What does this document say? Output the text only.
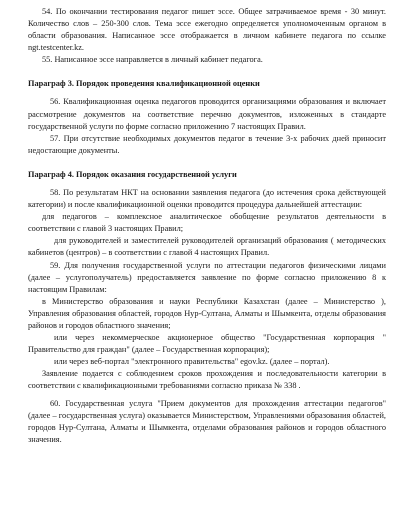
54. По окончании тестирования педагог пишет эссе. Общее затрачиваемое время - 30 минут. Количество слов – 250-300 слов. Тема эссе ежегодно определяется уполномоченным органом в области образования. Написанное эссе отображается в личном кабинете педагога по ссылке ngt.testcenter.kz.

55. Написанное эссе направляется в личный кабинет педагога.

Параграф 3. Порядок проведения квалификационной оценки

56. Квалификационная оценка педагогов проводится организациями образования и включает рассмотрение документов на соответствие перечню документов, изложенных в стандарте государственной услуги по форме согласно приложению 7 настоящих Правил.

57. При отсутствие необходимых документов педагог в течение 3-х рабочих дней приносит недостающие документы.

Параграф 4. Порядок оказания государственной услуги

58. По результатам НКТ на основании заявления педагога (до истечения срока действующей категории) и после квалификационной оценки проводится процедура дальнейшей аттестации:

для педагогов – комплексное аналитическое обобщение результатов деятельности в соответствии с главой 3 настоящих Правил;

для руководителей и заместителей руководителей организаций образования ( методических кабинетов (центров) – в соответствии с главой 4 настоящих Правил.

59. Для получения государственной услуги по аттестации педагогов физическими лицами (далее – услугополучатель) предоставляется заявление по форме согласно приложению 8 к настоящим Правилам:

в Министерство образования и науки Республики Казахстан (далее – Министерство ), Управления образования областей, городов Нур-Султана, Алматы и Шымкента, отделы образования районов и городов областного значения;

или через некоммерческое акционерное общество "Государственная корпорация " Правительство для граждан" (далее – Государственная корпорация);

или через веб-портал "электронного правительства" egov.kz. (далее – портал).

Заявление подается с соблюдением сроков прохождения и последовательности категории в соответствии с квалификационными требованиями согласно приказа № 338 .

60. Государственная услуга "Прием документов для прохождения аттестации педагогов" (далее – государственная услуга) оказывается Министерством, Управлениями образования областей, городов Нур-Султана, Алматы и Шымкента, отделами образования районов и городов областного значения.
